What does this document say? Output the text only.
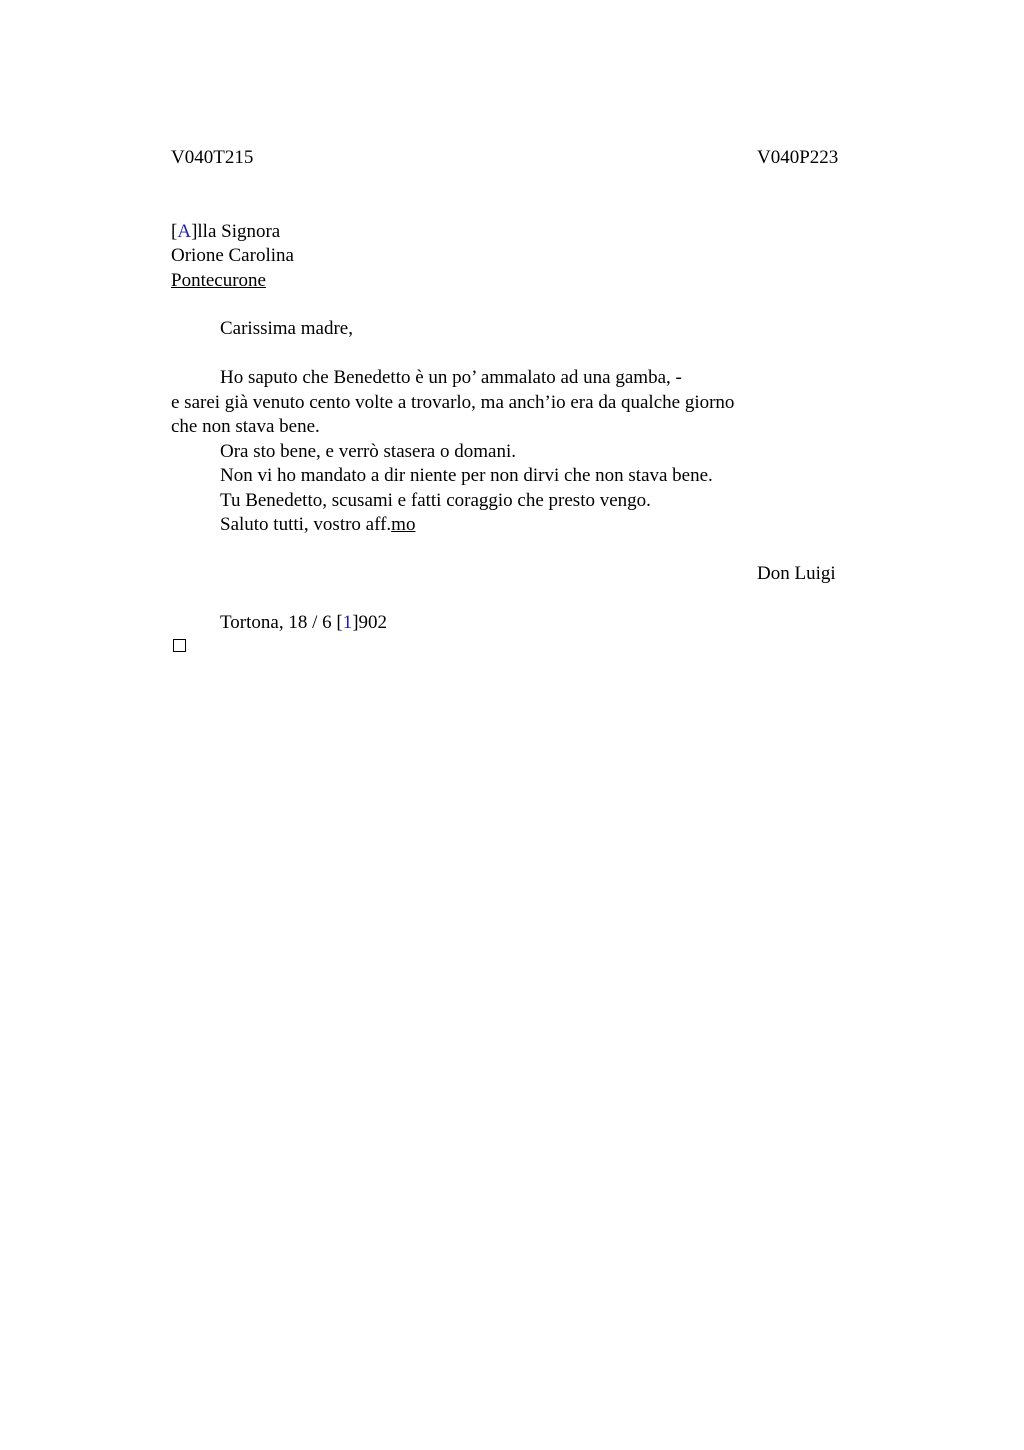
V040T215	V040P223
[A]lla Signora
Orione Carolina
Pontecurone
Carissima madre,
Ho saputo che Benedetto è un po’ ammalato ad una gamba, -
e sarei già venuto cento volte a trovarlo, ma anch’io era da qualche giorno
che non stava bene.
Ora sto bene, e verrò stasera o domani.
Non vi ho mandato a dir niente per non dirvi che non stava bene.
Tu Benedetto, scusami e fatti coraggio che presto vengo.
Saluto tutti, vostro aff.mo
Don Luigi
Tortona, 18 / 6 [1]902
